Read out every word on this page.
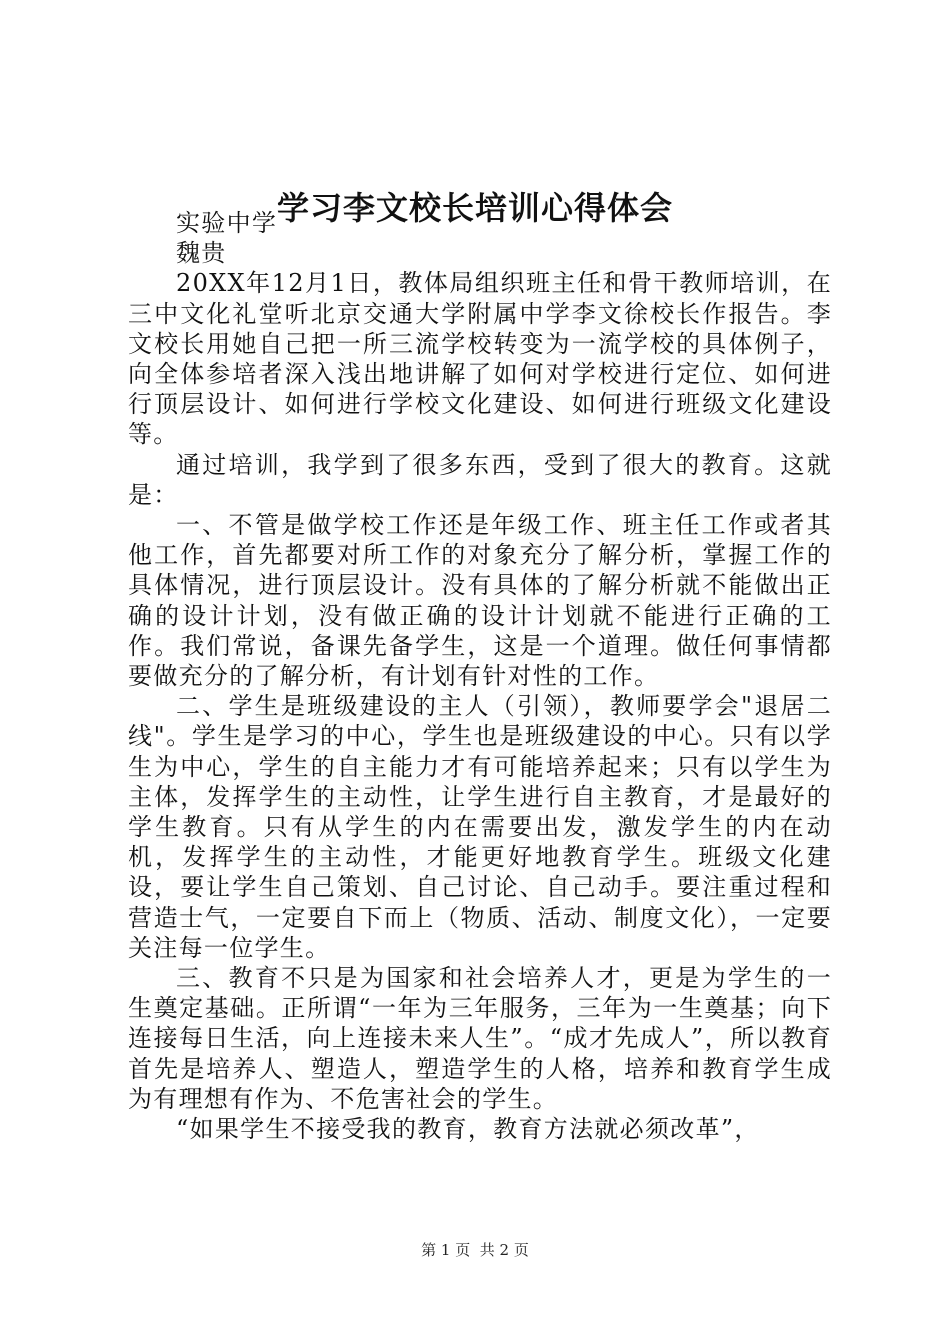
学习李文校长培训心得体会

实验中学

魏贵

20XX年12月1日，教体局组织班主任和骨干教师培训，在三中文化礼堂听北京交通大学附属中学李文徐校长作报告。李文校长用她自己把一所三流学校转变为一流学校的具体例子，向全体参培者深入浅出地讲解了如何对学校进行定位、如何进行顶层设计、如何进行学校文化建设、如何进行班级文化建设等。

通过培训，我学到了很多东西，受到了很大的教育。这就是：

一、不管是做学校工作还是年级工作、班主任工作或者其他工作，首先都要对所工作的对象充分了解分析，掌握工作的具体情况，进行顶层设计。没有具体的了解分析就不能做出正确的设计计划，没有做正确的设计计划就不能进行正确的工作。我们常说，备课先备学生，这是一个道理。做任何事情都要做充分的了解分析，有计划有针对性的工作。

二、学生是班级建设的主人（引领），教师要学会"退居二线"。学生是学习的中心，学生也是班级建设的中心。只有以学生为中心，学生的自主能力才有可能培养起来；只有以学生为主体，发挥学生的主动性，让学生进行自主教育，才是最好的学生教育。只有从学生的内在需要出发，激发学生的内在动机，发挥学生的主动性，才能更好地教育学生。班级文化建设，要让学生自己策划、自己讨论、自己动手。要注重过程和营造士气，一定要自下而上（物质、活动、制度文化），一定要关注每一位学生。

三、教育不只是为国家和社会培养人才，更是为学生的一生奠定基础。正所谓“一年为三年服务，三年为一生奠基；向下连接每日生活，向上连接未来人生”。“成才先成人”，所以教育首先是培养人、塑造人，塑造学生的人格，培养和教育学生成为有理想有作为、不危害社会的学生。

“如果学生不接受我的教育，教育方法就必须改革”，

第 1 页  共 2 页
